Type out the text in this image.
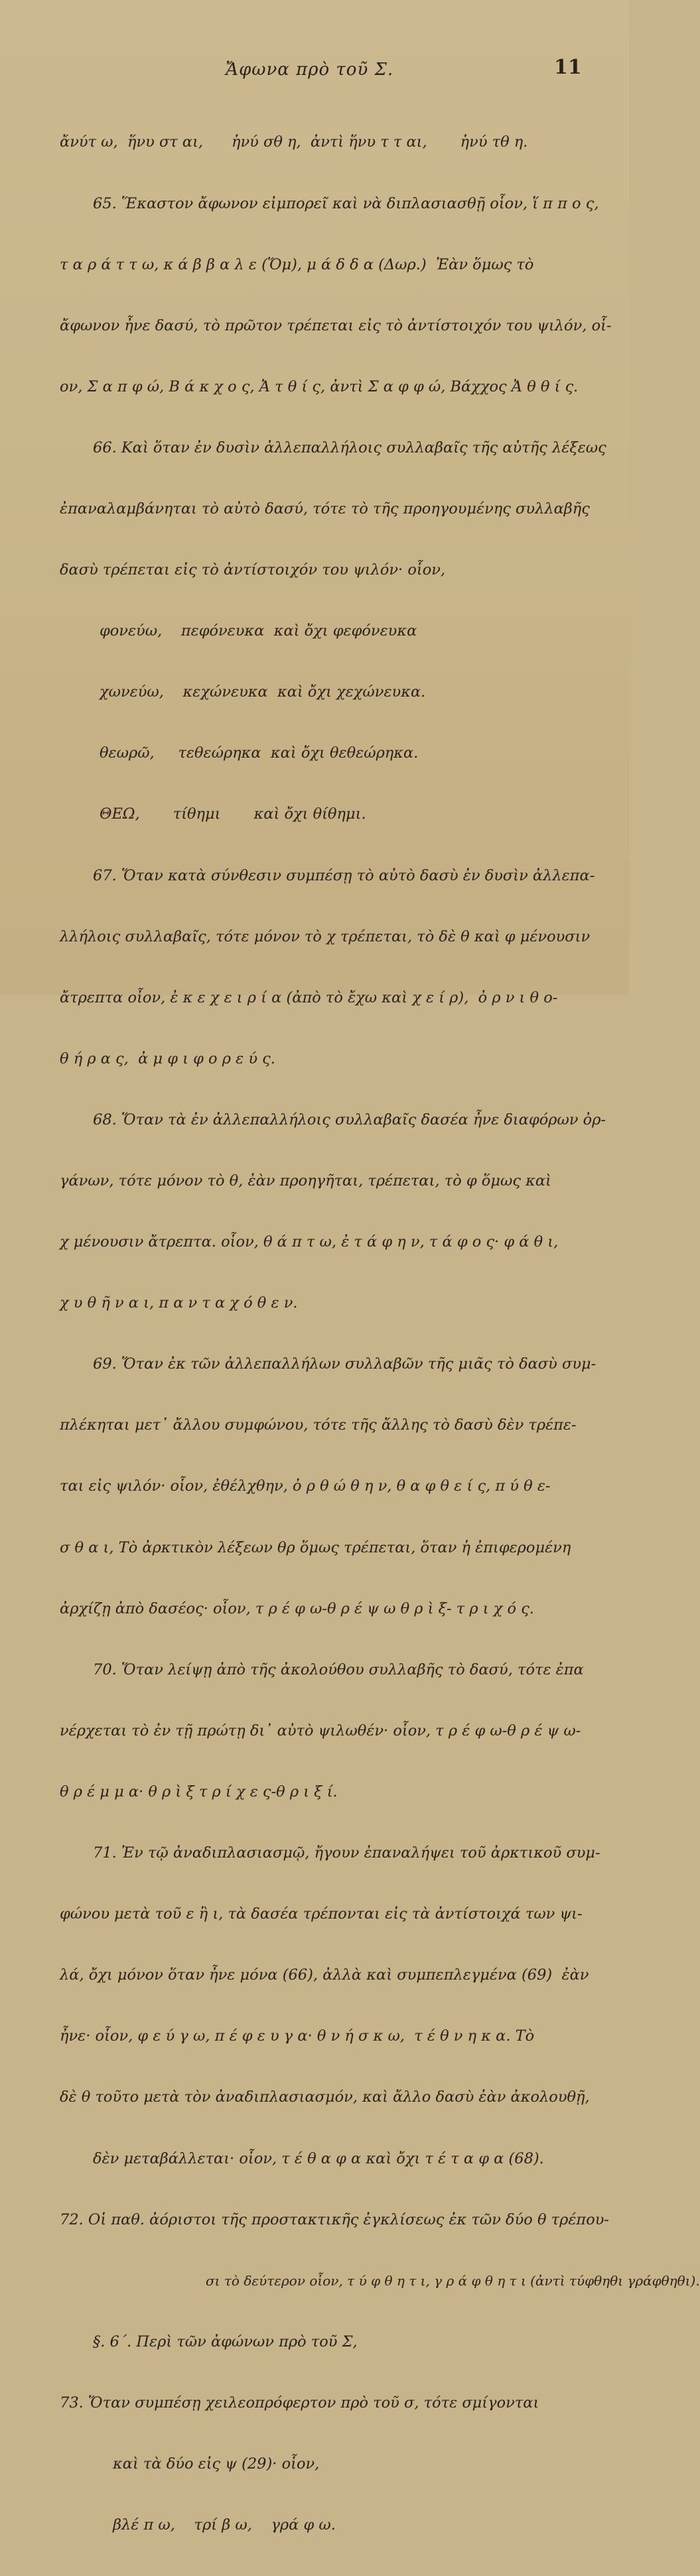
Ἄφωνα πρὸ τοῦ Σ.	11

ἄνύτ ω,  ἥνυ στ αι,      ἡνύ σθ η,  ἀντὶ ἥνυ τ τ αι,       ἡνύ τθ η.

65. Ἕκαστον ἄφωνον εἰμπορεῖ καὶ νὰ διπλασιασθῇ οἷον, ἵ π π ο ς,

τ α ρ ά τ τ ω, κ ά β β α λ ε (Ὅμ), μ ά δ δ α (Δωρ.)  Ἐὰν ὅμως τὸ

ἄφωνον ἦνε δασύ, τὸ πρῶτον τρέπεται εἰς τὸ ἀντίστοιχόν του ψιλόν, οἷ-

ον, Σ α π φ ώ, Β ά κ χ ο ς, Ἀ τ θ ί ς, ἀντὶ Σ α φ φ ώ, Βάχχος Ἀ θ θ ί ς.

66. Καὶ ὅταν ἐν δυσὶν ἀλλεπαλλήλοις συλλαβαῖς τῆς αὐτῆς λέξεως

ἐπαναλαμβάνηται τὸ αὐτὸ δασύ, τότε τὸ τῆς προηγουμένης συλλαβῆς

δασὺ τρέπεται εἰς τὸ ἀντίστοιχόν του ψιλόν· οἷον,

φονεύω,    πεφόνευκα  καὶ ὄχι φεφόνευκα

χωνεύω,    κεχώνευκα  καὶ ὄχι χεχώνευκα.

θεωρῶ,     τεθεώρηκα  καὶ ὄχι θεθεώρηκα.

ΘΕΩ,       τίθημι       καὶ ὄχι θίθημι.

67. Ὅταν κατὰ σύνθεσιν συμπέσῃ τὸ αὐτὸ δασὺ ἐν δυσὶν ἀλλεπα-

λλήλοις συλλαβαῖς, τότε μόνον τὸ χ τρέπεται, τὸ δὲ θ καὶ φ μένουσιν

ἄτρεπτα οἷον, ἐ κ ε χ ε ι ρ ί α (ἀπὸ τὸ ἔχω καὶ χ ε ί ρ),  ὀ ρ ν ι θ ο-

θ ή ρ α ς,  ἀ μ φ ι φ ο ρ ε ύ ς.

68. Ὅταν τὰ ἐν ἀλλεπαλλήλοις συλλαβαῖς δασέα ἦνε διαφόρων ὀρ-

γάνων, τότε μόνον τὸ θ, ἐὰν προηγῆται, τρέπεται, τὸ φ ὅμως καὶ

χ μένουσιν ἄτρεπτα. οἷον, θ ά π τ ω, ἐ τ ά φ η ν, τ ά φ ο ς· φ ά θ ι,

χ υ θ ῆ ν α ι, π α ν τ α χ ό θ ε ν.

69. Ὅταν ἐκ τῶν ἀλλεπαλλήλων συλλαβῶν τῆς μιᾶς τὸ δασὺ συμ-

πλέκηται μετ᾿ ἄλλου συμφώνου, τότε τῆς ἄλλης τὸ δασὺ δὲν τρέπε-

ται εἰς ψιλόν· οἷον, ἐθέλχθην, ὀ ρ θ ώ θ η ν, θ α φ θ ε ί ς, π ύ θ ε-

σ θ α ι, Τὸ ἀρκτικὸν λέξεων θρ ὅμως τρέπεται, ὅταν ἡ ἐπιφερομένη

ἀρχίζῃ ἀπὸ δασέος· οἷον, τ ρ έ φ ω-θ ρ έ ψ ω θ ρ ὶ ξ- τ ρ ι χ ό ς.

70. Ὅταν λείψῃ ἀπὸ τῆς ἀκολούθου συλλαβῆς τὸ δασύ, τότε ἐπα

νέρχεται τὸ ἐν τῇ πρώτῃ δι᾿ αὐτὸ ψιλωθέν· οἷον, τ ρ έ φ ω-θ ρ έ ψ ω-

θ ρ έ μ μ α· θ ρ ὶ ξ τ ρ ί χ ε ς-θ ρ ι ξ ί.

71. Ἐν τῷ ἀναδιπλασιασμῷ, ἤγουν ἐπαναλήψει τοῦ ἀρκτικοῦ συμ-

φώνου μετὰ τοῦ ε ἢ ι, τὰ δασέα τρέπονται εἰς τὰ ἀντίστοιχά των ψι-

λά, ὄχι μόνον ὅταν ἦνε μόνα (66), ἀλλὰ καὶ συμπεπλεγμένα (69)  ἐὰν

ἦνε· οἷον, φ ε ύ γ ω, π έ φ ε υ γ α· θ ν ή σ κ ω,  τ έ θ ν η κ α. Τὸ

δὲ θ τοῦτο μετὰ τὸν ἀναδιπλασιασμόν, καὶ ἄλλο δασὺ ἐὰν ἀκολουθῇ,

δὲν μεταβάλλεται· οἷον, τ έ θ α φ α καὶ ὄχι τ έ τ α φ α (68).

72. Οἱ παθ. ἀόριστοι τῆς προστακτικῆς ἐγκλίσεως ἐκ τῶν δύο θ τρέπου-

σι τὸ δεύτερον οἷον, τ ύ φ θ η τ ι, γ ρ ά φ θ η τ ι (ἀντὶ τύφθηθι γράφθηθι).

§. 6΄. Περὶ τῶν ἀφώνων πρὸ τοῦ Σ,

73. Ὅταν συμπέσῃ χειλεοπρόφερτον πρὸ τοῦ σ, τότε σμίγονται

καὶ τὰ δύο εἰς ψ (29)· οἷον,

βλέ π ω,    τρί β ω,    γρά φ ω.
